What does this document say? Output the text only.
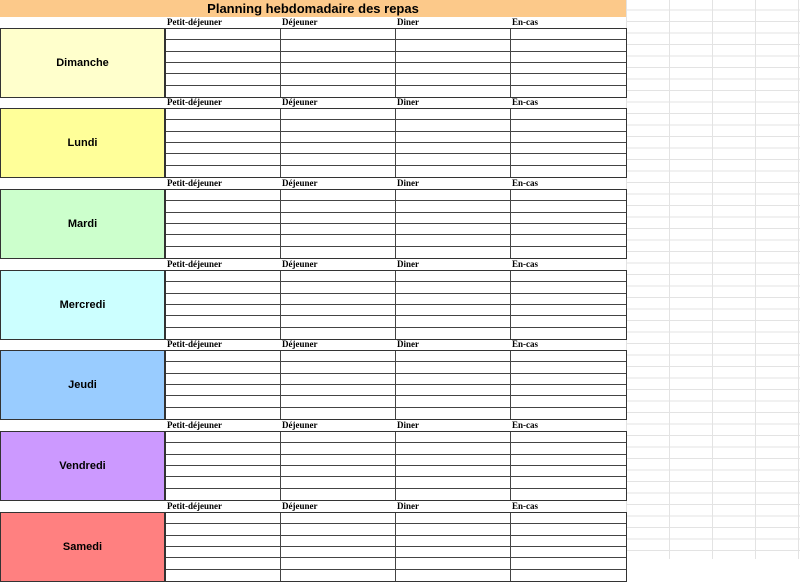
Planning hebdomadaire des repas
Petit-déjeuner	Déjeuner	Diner	En-cas
Dimanche
Petit-déjeuner	Déjeuner	Diner	En-cas
Lundi
Petit-déjeuner	Déjeuner	Diner	En-cas
Mardi
Petit-déjeuner	Déjeuner	Diner	En-cas
Mercredi
Petit-déjeuner	Déjeuner	Diner	En-cas
Jeudi
Petit-déjeuner	Déjeuner	Diner	En-cas
Vendredi
Petit-déjeuner	Déjeuner	Diner	En-cas
Samedi
